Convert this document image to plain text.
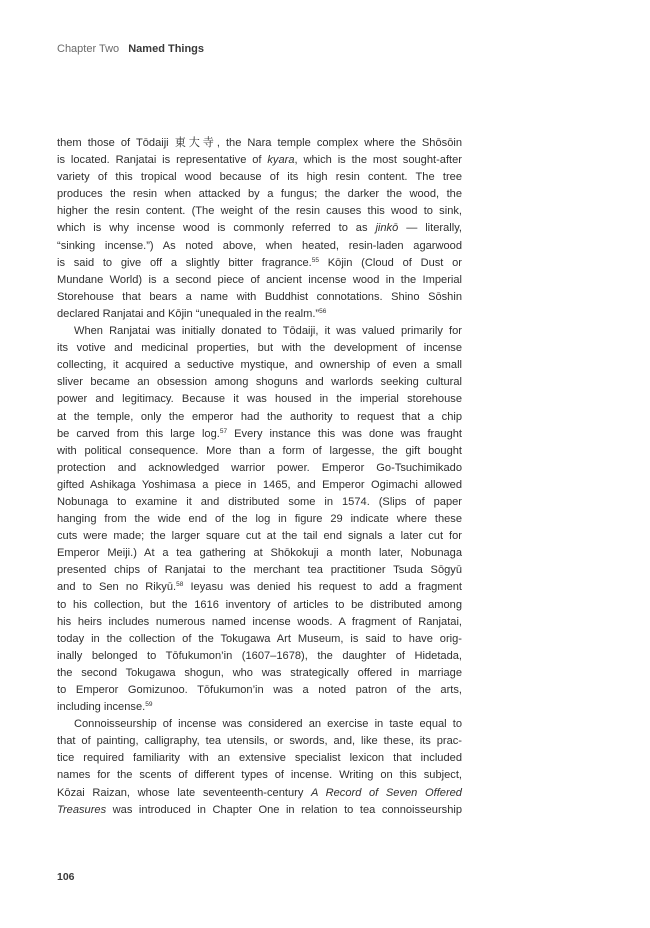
Chapter Two Named Things
them those of Tōdaiji 東大寺, the Nara temple complex where the Shōsōin
is located. Ranjatai is representative of kyara, which is the most sought-after
variety of this tropical wood because of its high resin content. The tree
produces the resin when attacked by a fungus; the darker the wood, the
higher the resin content. (The weight of the resin causes this wood to sink,
which is why incense wood is commonly referred to as jinkō — literally,
“sinking incense.”) As noted above, when heated, resin-laden agarwood
is said to give off a slightly bitter fragrance.$^{55}$ Kōjin (Cloud of Dust or
Mundane World) is a second piece of ancient incense wood in the Imperial
Storehouse that bears a name with Buddhist connotations. Shino Sōshin
declared Ranjatai and Kōjin “unequaled in the realm.”$^{56}$
When Ranjatai was initially donated to Tōdaiji, it was valued primarily for
its votive and medicinal properties, but with the development of incense
collecting, it acquired a seductive mystique, and ownership of even a small
sliver became an obsession among shoguns and warlords seeking cultural
power and legitimacy. Because it was housed in the imperial storehouse
at the temple, only the emperor had the authority to request that a chip
be carved from this large log.$^{57}$ Every instance this was done was fraught
with political consequence. More than a form of largesse, the gift bought
protection and acknowledged warrior power. Emperor Go-Tsuchimikado
gifted Ashikaga Yoshimasa a piece in 1465, and Emperor Ogimachi allowed
Nobunaga to examine it and distributed some in 1574. (Slips of paper
hanging from the wide end of the log in figure 29 indicate where these
cuts were made; the larger square cut at the tail end signals a later cut for
Emperor Meiji.) At a tea gathering at Shōkokuji a month later, Nobunaga
presented chips of Ranjatai to the merchant tea practitioner Tsuda Sōgyū
and to Sen no Rikyū.$^{58}$ Ieyasu was denied his request to add a fragment
to his collection, but the 1616 inventory of articles to be distributed among
his heirs includes numerous named incense woods. A fragment of Ranjatai,
today in the collection of the Tokugawa Art Museum, is said to have orig-
inally belonged to Tōfukumon’in (1607–1678), the daughter of Hidetada,
the second Tokugawa shogun, who was strategically offered in marriage
to Emperor Gomizunoo. Tōfukumon’in was a noted patron of the arts,
including incense.$^{59}$
Connoisseurship of incense was considered an exercise in taste equal to
that of painting, calligraphy, tea utensils, or swords, and, like these, its prac-
tice required familiarity with an extensive specialist lexicon that included
names for the scents of different types of incense. Writing on this subject,
Kōzai Raizan, whose late seventeenth-century A Record of Seven Offered
Treasures was introduced in Chapter One in relation to tea connoisseurship
106
